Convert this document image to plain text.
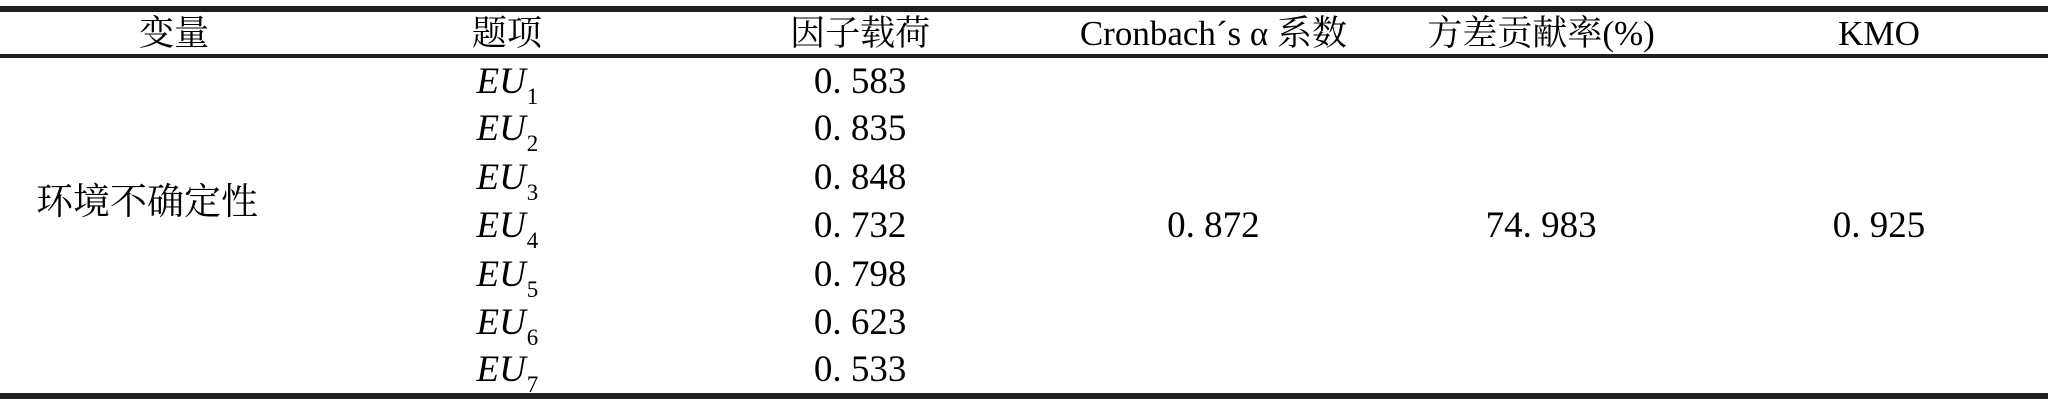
变量	题项	因子载荷	Cronbach´s α 系数	方差贡献率(%)	KMO
环境不确定性	$EU_1$	0. 583	0. 872	74. 983	0. 925
	$EU_2$	0. 835			
	$EU_3$	0. 848			
	$EU_4$	0. 732			
	$EU_5$	0. 798			
	$EU_6$	0. 623			
	$EU_7$	0. 533			
